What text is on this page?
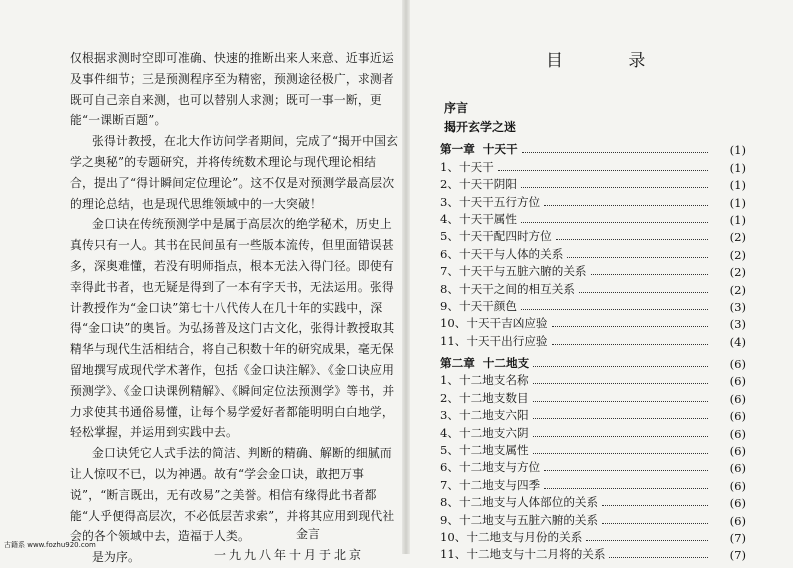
仅根据求测时空即可准确、快速的推断出来人来意、近事近运及事件细节；三是预测程序至为精密，预测途径极广，求测者既可自己亲自来测，也可以替别人求测；既可一事一断，更能“一课断百题”。

张得计教授，在北大作访问学者期间，完成了“揭开中国玄学之奥秘”的专题研究，并将传统数术理论与现代理论相结合，提出了“得计瞬间定位理论”。这不仅是对预测学最高层次的理论总结，也是现代思维领域中的一大突破！

金口诀在传统预测学中是属于高层次的绝学秘术，历史上真传只有一人。其书在民间虽有一些版本流传，但里面错误甚多，深奥难懂，若没有明师指点，根本无法入得门径。即使有幸得此书者，也无疑是得到了一本有字天书，无法运用。张得计教授作为“金口诀”第七十八代传人在几十年的实践中，深得“金口诀”的奥旨。为弘扬普及这门古文化，张得计教授取其精华与现代生活相结合，将自己积数十年的研究成果，毫无保留地撰写成现代学术著作，包括《金口诀注解》、《金口诀应用预测学》、《金口诀课例精解》、《瞬间定位法预测学》等书，并力求使其书通俗易懂，让每个易学爱好者都能明明白白地学，轻松掌握，并运用到实践中去。

金口诀凭它人式手法的简洁、判断的精确、解断的细腻而让人惊叹不已，以为神遇。故有“学会金口诀，敢把万事说”，“断言既出，无有改易”之美誉。相信有缘得此书者都能“人乎便得高层次，不必低层苦求索”，并将其应用到现代社会的各个领域中去，造福于人类。

是为序。

金言
一九九八年十月于北京
目 录
序言
揭开玄学之迷
第一章 十天干	(1)
1、十天干	(1)
2、十天干阴阳	(1)
3、十天干五行方位	(1)
4、十天干属性	(1)
5、十天干配四时方位	(2)
6、十天干与人体的关系	(2)
7、十天干与五脏六腑的关系	(2)
8、十天干之间的相互关系	(2)
9、十天干颜色	(3)
10、十天干吉凶应验	(3)
11、十天干出行应验	(4)
第二章 十二地支	(6)
1、十二地支名称	(6)
2、十二地支数目	(6)
3、十二地支六阳	(6)
4、十二地支六阴	(6)
5、十二地支属性	(6)
6、十二地支与方位	(6)
7、十二地支与四季	(6)
8、十二地支与人体部位的关系	(6)
9、十二地支与五脏六腑的关系	(6)
10、十二地支与月份的关系	(7)
11、十二地支与十二月将的关系	(7)
古籍系 www.fozhu920.com
